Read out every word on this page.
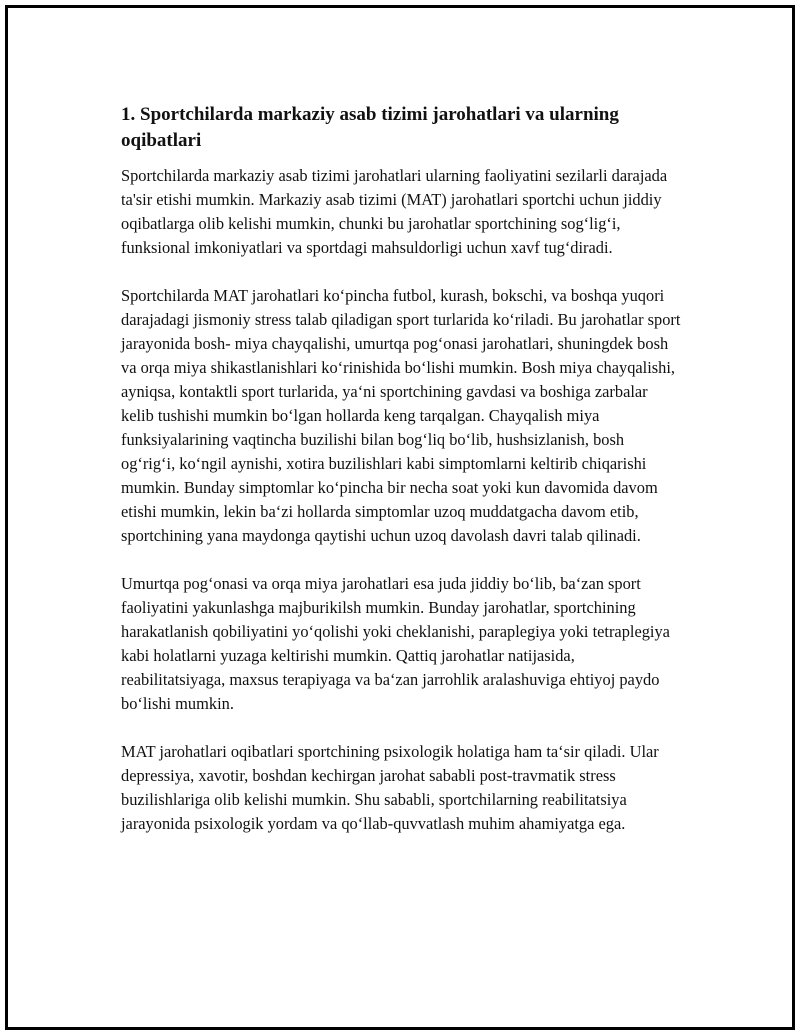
1. Sportchilarda markaziy asab tizimi jarohatlari va ularning oqibatlari

Sportchilarda markaziy asab tizimi jarohatlari ularning faoliyatini sezilarli darajada ta'sir etishi mumkin. Markaziy asab tizimi (MAT) jarohatlari sportchi uchun jiddiy oqibatlarga olib kelishi mumkin, chunki bu jarohatlar sportchining sog‘lig‘i, funksional imkoniyatlari va sportdagi mahsuldorligi uchun xavf tug‘diradi.

Sportchilarda MAT jarohatlari ko‘pincha futbol, kurash, bokschi, va boshqa yuqori darajadagi jismoniy stress talab qiladigan sport turlarida ko‘riladi. Bu jarohatlar sport jarayonida bosh- miya chayqalishi, umurtqa pog‘onasi jarohatlari, shuningdek bosh va orqa miya shikastlanishlari ko‘rinishida bo‘lishi mumkin. Bosh miya chayqalishi, ayniqsa, kontaktli sport turlarida, ya‘ni sportchining gavdasi va boshiga zarbalar kelib tushishi mumkin bo‘lgan hollarda keng tarqalgan. Chayqalish miya funksiyalarining vaqtincha buzilishi bilan bog‘liq bo‘lib, hushsizlanish, bosh og‘rig‘i, ko‘ngil aynishi, xotira buzilishlari kabi simptomlarni keltirib chiqarishi mumkin. Bunday simptomlar ko‘pincha bir necha soat yoki kun davomida davom etishi mumkin, lekin ba‘zi hollarda simptomlar uzoq muddatgacha davom etib, sportchining yana maydonga qaytishi uchun uzoq davolash davri talab qilinadi.

Umurtqa pog‘onasi va orqa miya jarohatlari esa juda jiddiy bo‘lib, ba‘zan sport faoliyatini yakunlashga majburikilsh mumkin. Bunday jarohatlar, sportchining harakatlanish qobiliyatini yo‘qolishi yoki cheklanishi, paraplegiya yoki tetraplegiya kabi holatlarni yuzaga keltirishi mumkin. Qattiq jarohatlar natijasida, reabilitatsiyaga, maxsus terapiyaga va ba‘zan jarrohlik aralashuviga ehtiyoj paydo bo‘lishi mumkin.

MAT jarohatlari oqibatlari sportchining psixologik holatiga ham ta‘sir qiladi. Ular depressiya, xavotir, boshdan kechirgan jarohat sababli post-travmatik stress buzilishlariga olib kelishi mumkin. Shu sababli, sportchilarning reabilitatsiya jarayonida psixologik yordam va qo‘llab-quvvatlash muhim ahamiyatga ega.
